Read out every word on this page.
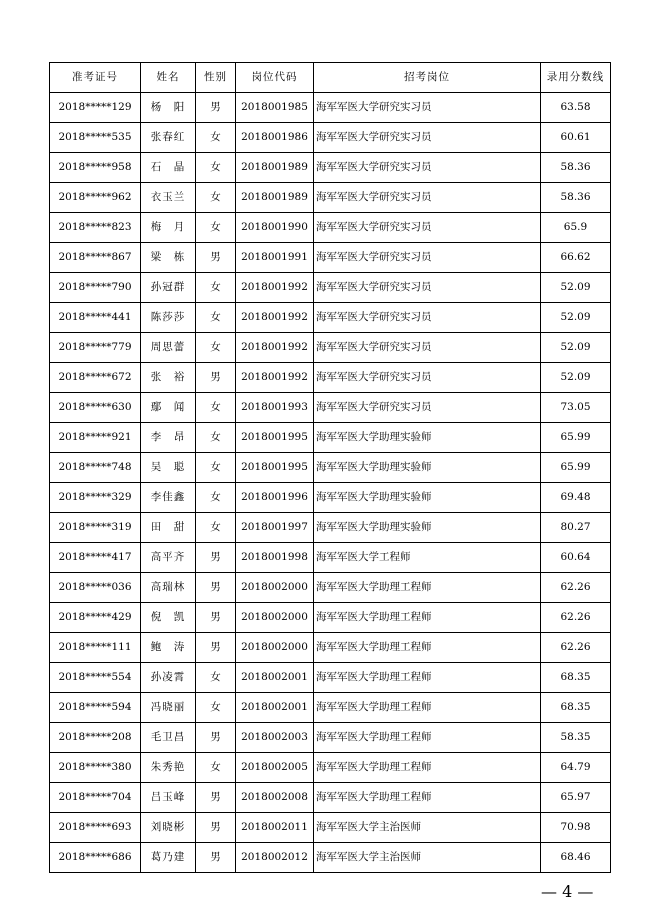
准考证号	姓名	性别	岗位代码	招考岗位	录用分数线
2018*****129	杨　阳	男	2018001985	海军军医大学研究实习员	63.58
2018*****535	张春红	女	2018001986	海军军医大学研究实习员	60.61
2018*****958	石　晶	女	2018001989	海军军医大学研究实习员	58.36
2018*****962	衣玉兰	女	2018001989	海军军医大学研究实习员	58.36
2018*****823	梅　月	女	2018001990	海军军医大学研究实习员	65.9
2018*****867	梁　栋	男	2018001991	海军军医大学研究实习员	66.62
2018*****790	孙冠群	女	2018001992	海军军医大学研究实习员	52.09
2018*****441	陈莎莎	女	2018001992	海军军医大学研究实习员	52.09
2018*****779	周思蕾	女	2018001992	海军军医大学研究实习员	52.09
2018*****672	张　裕	男	2018001992	海军军医大学研究实习员	52.09
2018*****630	鄢　闻	女	2018001993	海军军医大学研究实习员	73.05
2018*****921	李　昂	女	2018001995	海军军医大学助理实验师	65.99
2018*****748	吴　聪	女	2018001995	海军军医大学助理实验师	65.99
2018*****329	李佳鑫	女	2018001996	海军军医大学助理实验师	69.48
2018*****319	田　甜	女	2018001997	海军军医大学助理实验师	80.27
2018*****417	高平齐	男	2018001998	海军军医大学工程师	60.64
2018*****036	高瑞林	男	2018002000	海军军医大学助理工程师	62.26
2018*****429	倪　凯	男	2018002000	海军军医大学助理工程师	62.26
2018*****111	鲍　涛	男	2018002000	海军军医大学助理工程师	62.26
2018*****554	孙凌霄	女	2018002001	海军军医大学助理工程师	68.35
2018*****594	冯晓丽	女	2018002001	海军军医大学助理工程师	68.35
2018*****208	毛卫昌	男	2018002003	海军军医大学助理工程师	58.35
2018*****380	朱秀艳	女	2018002005	海军军医大学助理工程师	64.79
2018*****704	吕玉峰	男	2018002008	海军军医大学助理工程师	65.97
2018*****693	刘晓彬	男	2018002011	海军军医大学主治医师	70.98
2018*****686	葛乃建	男	2018002012	海军军医大学主治医师	68.46
— 4 —
